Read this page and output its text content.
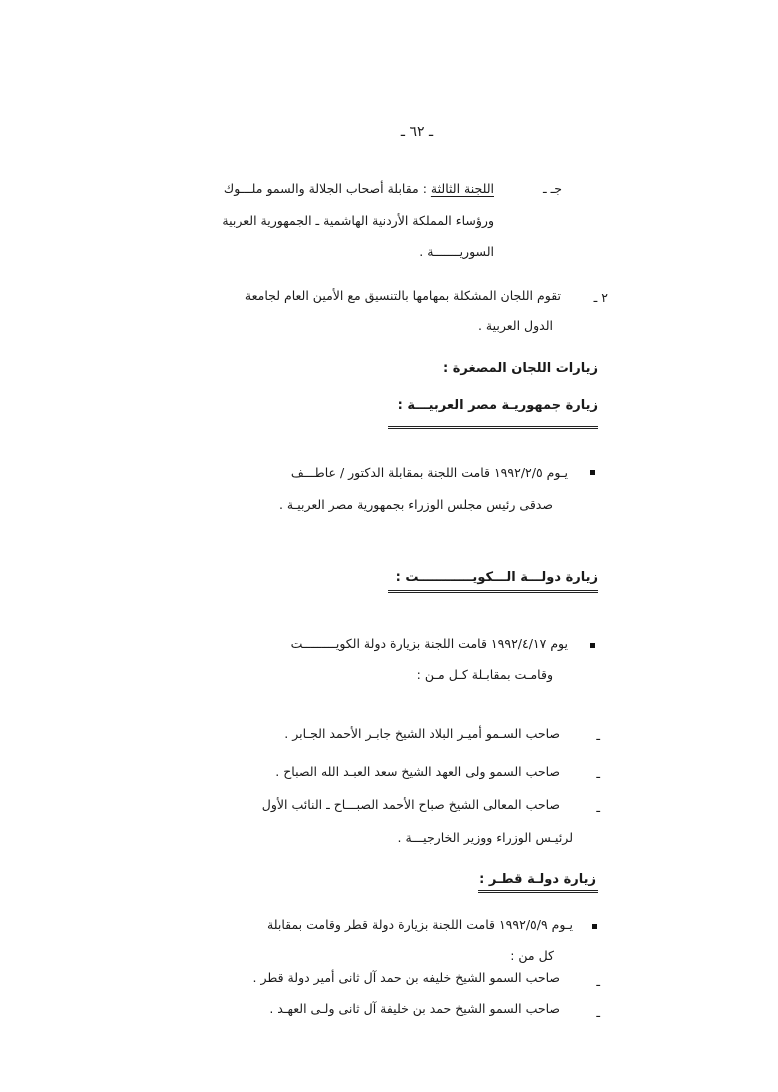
ـ ٦٢ ـ
جـ ـ
اللجنة الثالثة : مقابلة أصحاب الجلالة والسمو ملـــوك
ورؤساء المملكة الأردنية الهاشمية ـ الجمهورية العربية
السوريـــــــة .
٢ ـ
تقوم اللجان المشكلة بمهامها بالتنسيق مع الأمين العام لجامعة
الدول العربية .
زيارات اللجان المصغرة :
زيارة جمهوريـة مصر العربيـــة :
يـوم ١٩٩٢/٢/٥ قامت اللجنة بمقابلة الدكتور / عاطـــف
صدقى رئيس مجلس الوزراء بجمهورية مصر العربيـة .
زيارة دولـــة الـــكويــــــــــــت :
يوم ١٩٩٢/٤/١٧ قامت اللجنة بزيارة دولة الكويـــــــــت
وقامـت بمقابـلة كـل مـن :
ـ
صاحب السـمو أميـر البلاد الشيخ جابـر الأحمد الجـابر .
ـ
صاحب السمو ولى العهد الشيخ سعد العبـد الله الصباح .
ـ
صاحب المعالى الشيخ صباح الأحمد الصبـــاح ـ النائب الأول
لرئيـس الوزراء ووزير الخارجيـــة .
زيارة دولـة قطـر :
يـوم ١٩٩٢/٥/٩ قامت اللجنة بزيارة دولة قطر وقامت بمقابلة
كل من :
ـ
صاحب السمو الشيخ خليفه بن حمد آل ثانى أمير دولة قطر .
ـ
صاحب السمو الشيخ حمد بن خليفة آل ثانى ولـى العهـد .
